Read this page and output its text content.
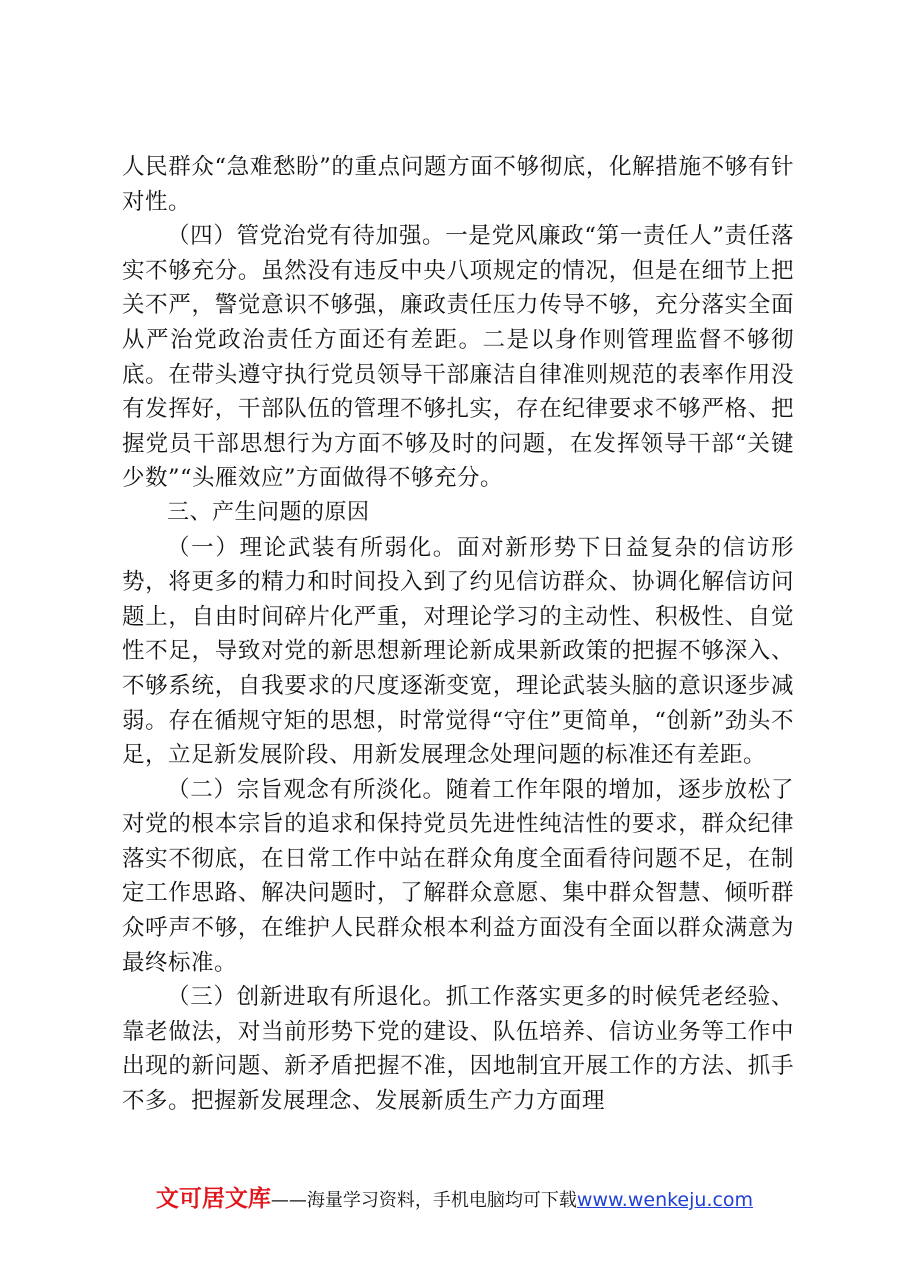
人民群众“急难愁盼”的重点问题方面不够彻底，化解措施不够有针对性。

（四）管党治党有待加强。一是党风廉政“第一责任人”责任落实不够充分。虽然没有违反中央八项规定的情况，但是在细节上把关不严，警觉意识不够强，廉政责任压力传导不够，充分落实全面从严治党政治责任方面还有差距。二是以身作则管理监督不够彻底。在带头遵守执行党员领导干部廉洁自律准则规范的表率作用没有发挥好，干部队伍的管理不够扎实，存在纪律要求不够严格、把握党员干部思想行为方面不够及时的问题，在发挥领导干部“关键少数”“头雁效应”方面做得不够充分。

三、产生问题的原因

（一）理论武装有所弱化。面对新形势下日益复杂的信访形势，将更多的精力和时间投入到了约见信访群众、协调化解信访问题上，自由时间碎片化严重，对理论学习的主动性、积极性、自觉性不足，导致对党的新思想新理论新成果新政策的把握不够深入、不够系统，自我要求的尺度逐渐变宽，理论武装头脑的意识逐步减弱。存在循规守矩的思想，时常觉得“守住”更简单，“创新”劲头不足，立足新发展阶段、用新发展理念处理问题的标准还有差距。

（二）宗旨观念有所淡化。随着工作年限的增加，逐步放松了对党的根本宗旨的追求和保持党员先进性纯洁性的要求，群众纪律落实不彻底，在日常工作中站在群众角度全面看待问题不足，在制定工作思路、解决问题时，了解群众意愿、集中群众智慧、倾听群众呼声不够，在维护人民群众根本利益方面没有全面以群众满意为最终标准。

（三）创新进取有所退化。抓工作落实更多的时候凭老经验、靠老做法，对当前形势下党的建设、队伍培养、信访业务等工作中出现的新问题、新矛盾把握不准，因地制宜开展工作的方法、抓手不多。把握新发展理念、发展新质生产力方面理

文可居文库——海量学习资料，手机电脑均可下载www.wenkeju.com
